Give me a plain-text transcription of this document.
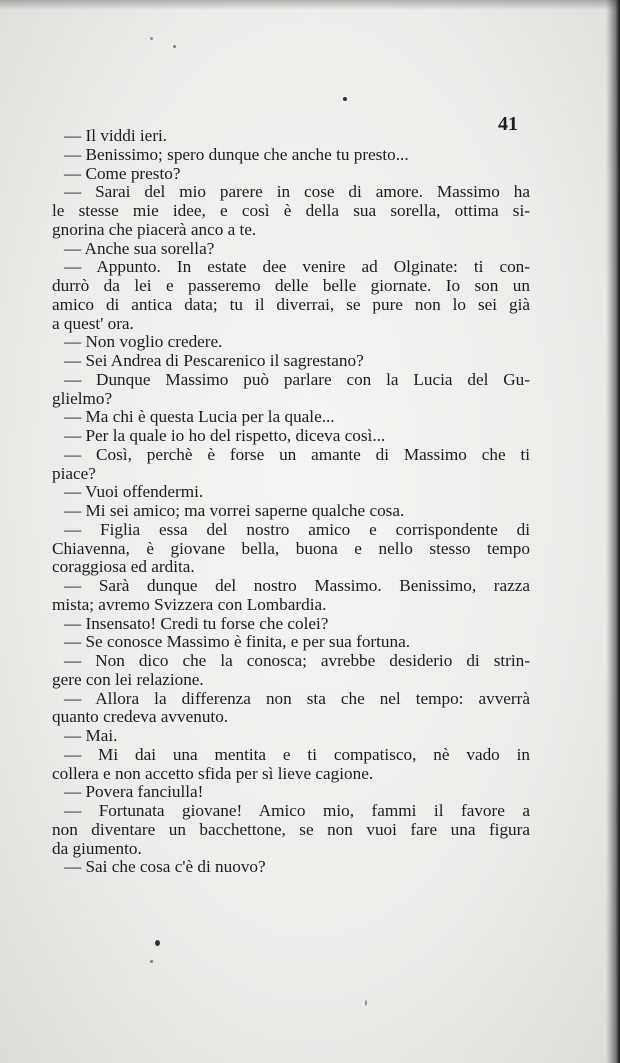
41
— Il viddi ieri.
— Benissimo; spero dunque che anche tu presto...
— Come presto?
— Sarai del mio parere in cose di amore. Massimo ha
le stesse mie idee, e così è della sua sorella, ottima si-
gnorina che piacerà anco a te.
— Anche sua sorella?
— Appunto. In estate dee venire ad Olginate: ti con-
durrò da lei e passeremo delle belle giornate. Io son un
amico di antica data; tu il diverrai, se pure non lo sei già
a quest' ora.
— Non voglio credere.
— Sei Andrea di Pescarenico il sagrestano?
— Dunque Massimo può parlare con la Lucia del Gu-
glielmo?
— Ma chi è questa Lucia per la quale...
— Per la quale io ho del rispetto, diceva così...
— Così, perchè è forse un amante di Massimo che ti
piace?
— Vuoi offendermi.
— Mi sei amico; ma vorrei saperne qualche cosa.
— Figlia essa del nostro amico e corrispondente di
Chiavenna, è giovane bella, buona e nello stesso tempo
coraggiosa ed ardita.
— Sarà dunque del nostro Massimo. Benissimo, razza
mista; avremo Svizzera con Lombardia.
— Insensato! Credi tu forse che colei?
— Se conosce Massimo è finita, e per sua fortuna.
— Non dico che la conosca; avrebbe desiderio di strin-
gere con lei relazione.
— Allora la differenza non sta che nel tempo: avverrà
quanto credeva avvenuto.
— Mai.
— Mi dai una mentita e ti compatisco, nè vado in
collera e non accetto sfida per sì lieve cagione.
— Povera fanciulla!
— Fortunata giovane! Amico mio, fammi il favore a
non diventare un bacchettone, se non vuoi fare una figura
da giumento.
— Sai che cosa c'è di nuovo?
